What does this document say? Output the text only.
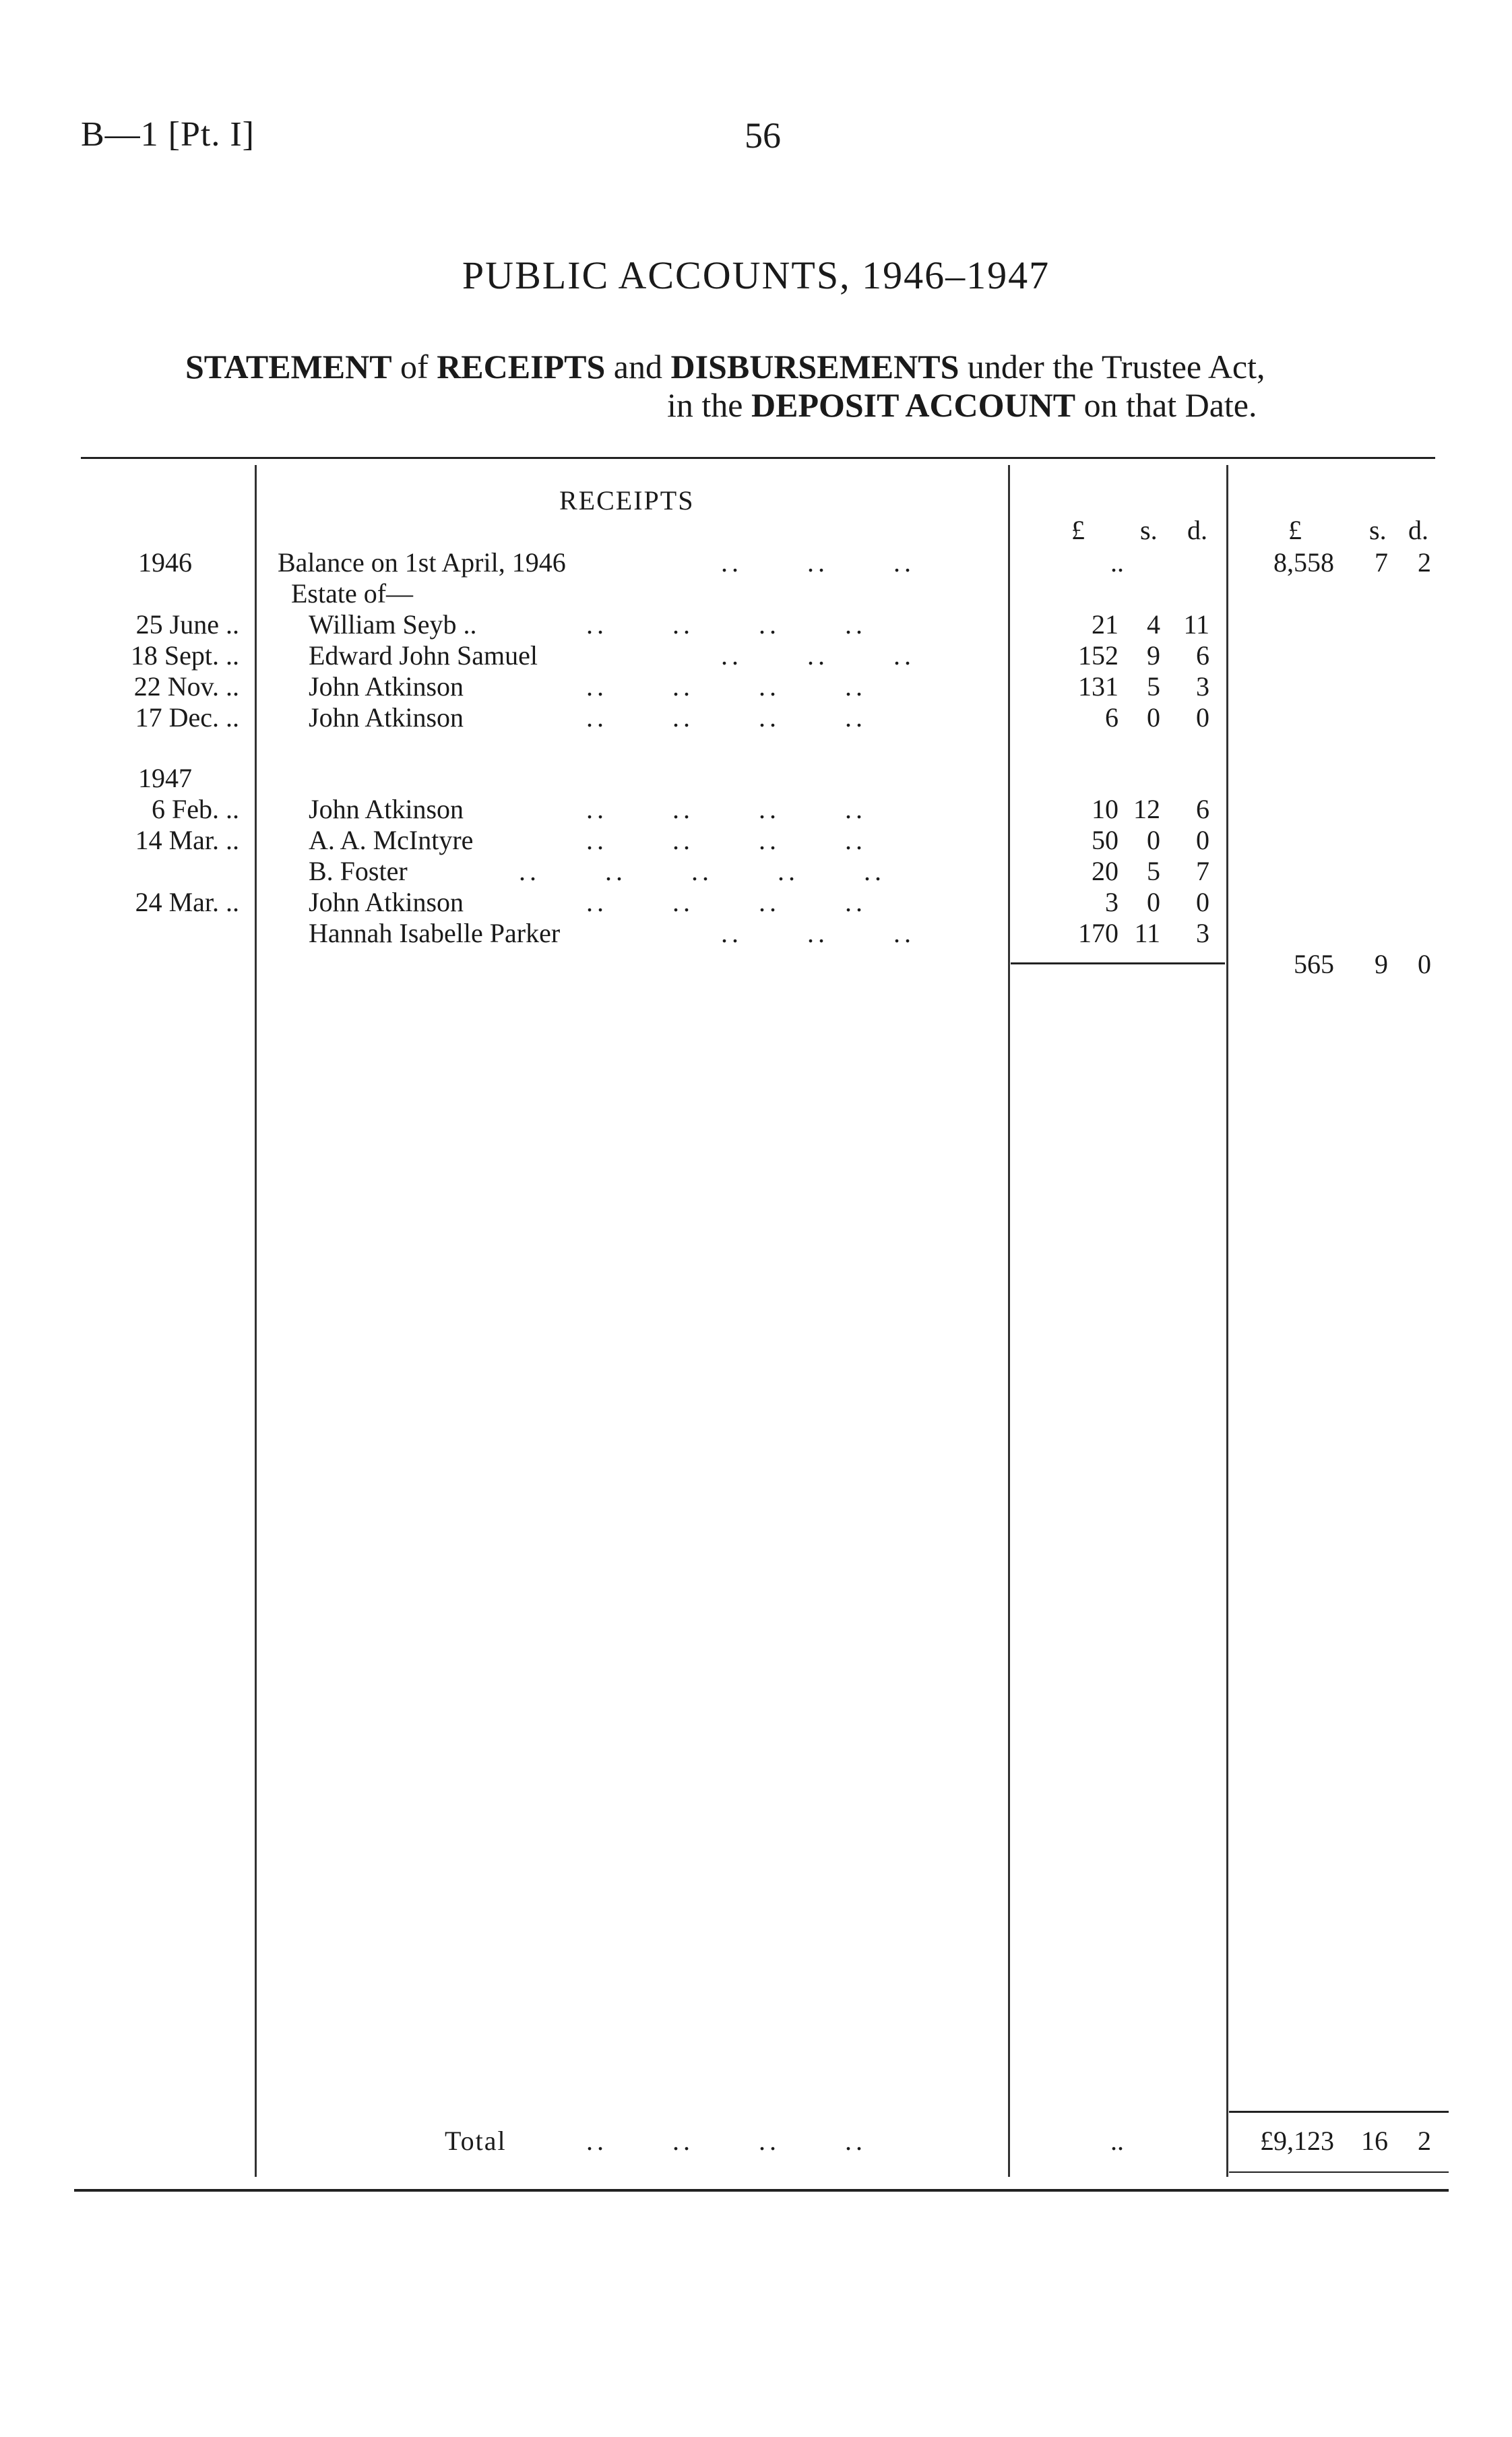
B—1 [Pt. I]	56
PUBLIC ACCOUNTS, 1946–1947
STATEMENT of RECEIPTS and DISBURSEMENTS under the Trustee Act,
in the DEPOSIT ACCOUNT on that Date.
RECEIPTS
£ s. d.	£	s. d.
1946	Balance on 1st April, 1946	..      ..      ..	..	8,558	7	2
Estate of—
25 June ..	William Seyb ..	..      ..      ..      ..	21	4 11
18 Sept. ..	Edward John Samuel	..      ..      ..	152	9	6
22 Nov. ..	John Atkinson	..      ..      ..      ..	131	5	3
17 Dec. ..	John Atkinson	..      ..      ..      ..	6	0	0
1947
6 Feb. ..	John Atkinson	..      ..      ..      ..	10 12	6
14 Mar. ..	A. A. McIntyre	..      ..      ..      ..	50	0	0
B. Foster	..      ..      ..      ..      ..	20	5	7
24 Mar. ..	John Atkinson	..      ..      ..      ..	3	0	0
Hannah Isabelle Parker	..      ..      ..	170 11	3
565	9	0
Total	..      ..      ..      ..	..	£9,123	16	2
